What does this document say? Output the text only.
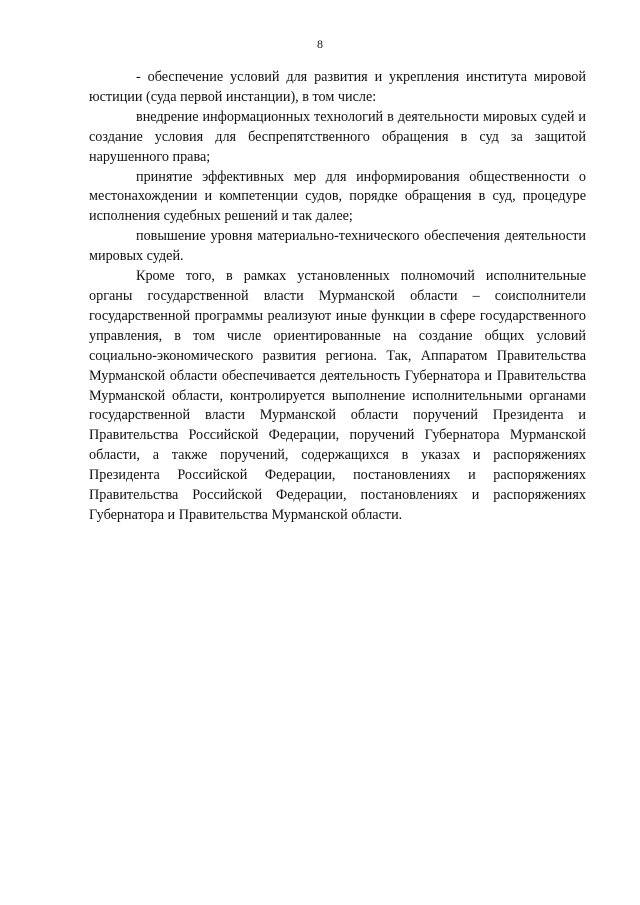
8

- обеспечение условий для развития и укрепления института мировой юстиции (суда первой инстанции), в том числе:

внедрение информационных технологий в деятельности мировых судей и создание условия для беспрепятственного обращения в суд за защитой нарушенного права;

принятие эффективных мер для информирования общественности о местонахождении и компетенции судов, порядке обращения в суд, процедуре исполнения судебных решений и так далее;

повышение уровня материально-технического обеспечения деятельности мировых судей.

Кроме того, в рамках установленных полномочий исполнительные органы государственной власти Мурманской области – соисполнители государственной программы реализуют иные функции в сфере государственного управления, в том числе ориентированные на создание общих условий социально-экономического развития региона. Так, Аппаратом Правительства Мурманской области обеспечивается деятельность Губернатора и Правительства Мурманской области, контролируется выполнение исполнительными органами государственной власти Мурманской области поручений Президента и Правительства Российской Федерации, поручений Губернатора Мурманской области, а также поручений, содержащихся в указах и распоряжениях Президента Российской Федерации, постановлениях и распоряжениях Правительства Российской Федерации, постановлениях и распоряжениях Губернатора и Правительства Мурманской области.
